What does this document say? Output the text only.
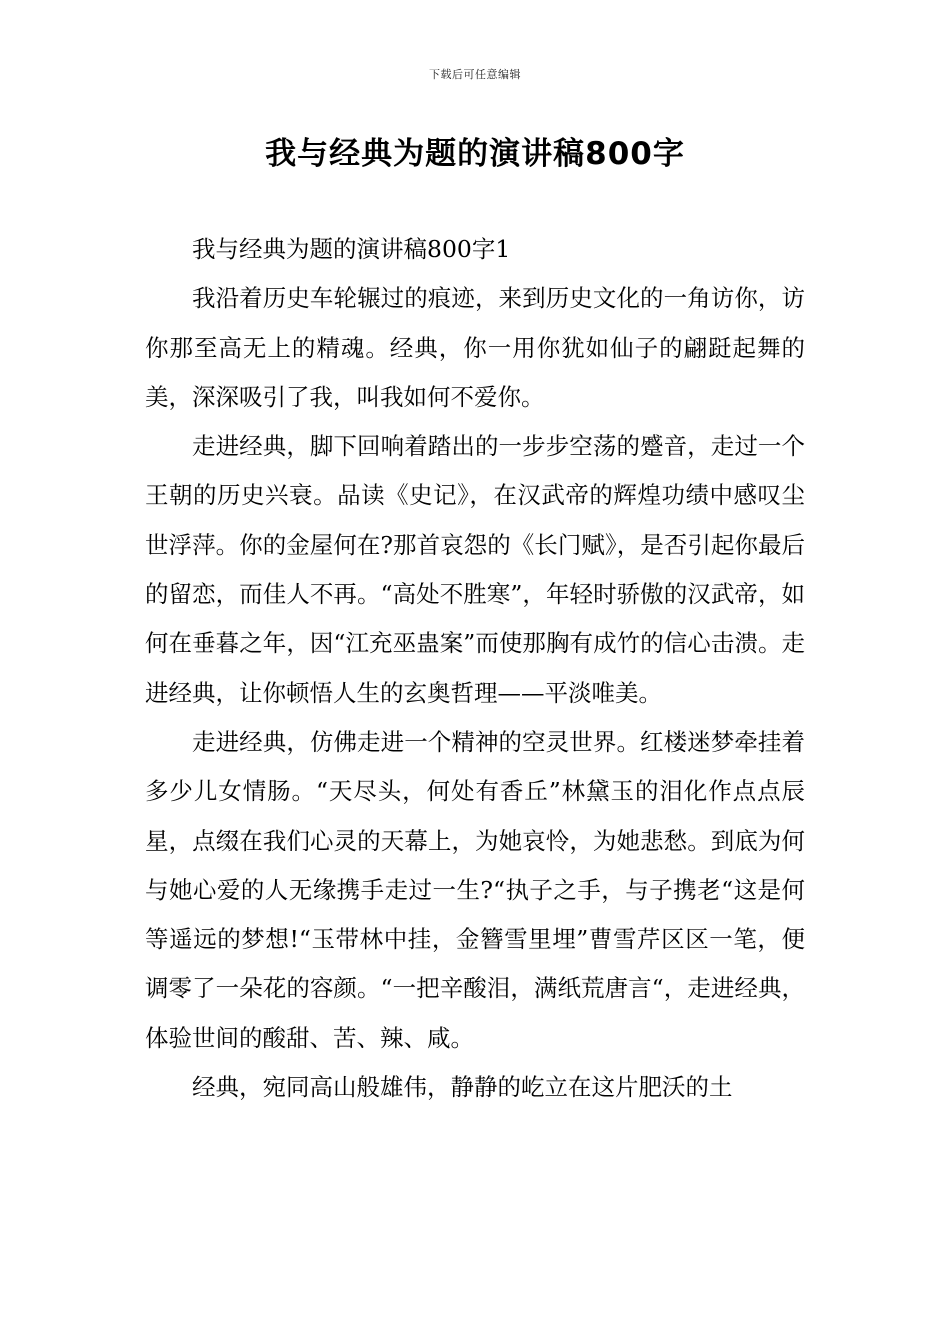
下载后可任意编辑
我与经典为题的演讲稿800字

我与经典为题的演讲稿800字1

我沿着历史车轮辗过的痕迹，来到历史文化的一角访你，访你那至高无上的精魂。经典，你一用你犹如仙子的翩跹起舞的美，深深吸引了我，叫我如何不爱你。

走进经典，脚下回响着踏出的一步步空荡的蹙音，走过一个王朝的历史兴衰。品读《史记》，在汉武帝的辉煌功绩中感叹尘世浮萍。你的金屋何在?那首哀怨的《长门赋》，是否引起你最后的留恋，而佳人不再。“高处不胜寒”，年轻时骄傲的汉武帝，如何在垂暮之年，因“江充巫蛊案”而使那胸有成竹的信心击溃。走进经典，让你顿悟人生的玄奥哲理——平淡唯美。

走进经典，仿佛走进一个精神的空灵世界。红楼迷梦牵挂着多少儿女情肠。“天尽头，何处有香丘”林黛玉的泪化作点点辰星，点缀在我们心灵的天幕上，为她哀怜，为她悲愁。到底为何与她心爱的人无缘携手走过一生?“执子之手，与子携老“这是何等遥远的梦想!“玉带林中挂，金簪雪里埋”曹雪芹区区一笔，便调零了一朵花的容颜。“一把辛酸泪，满纸荒唐言“，走进经典，体验世间的酸甜、苦、辣、咸。

经典，宛同高山般雄伟，静静的屹立在这片肥沃的土
